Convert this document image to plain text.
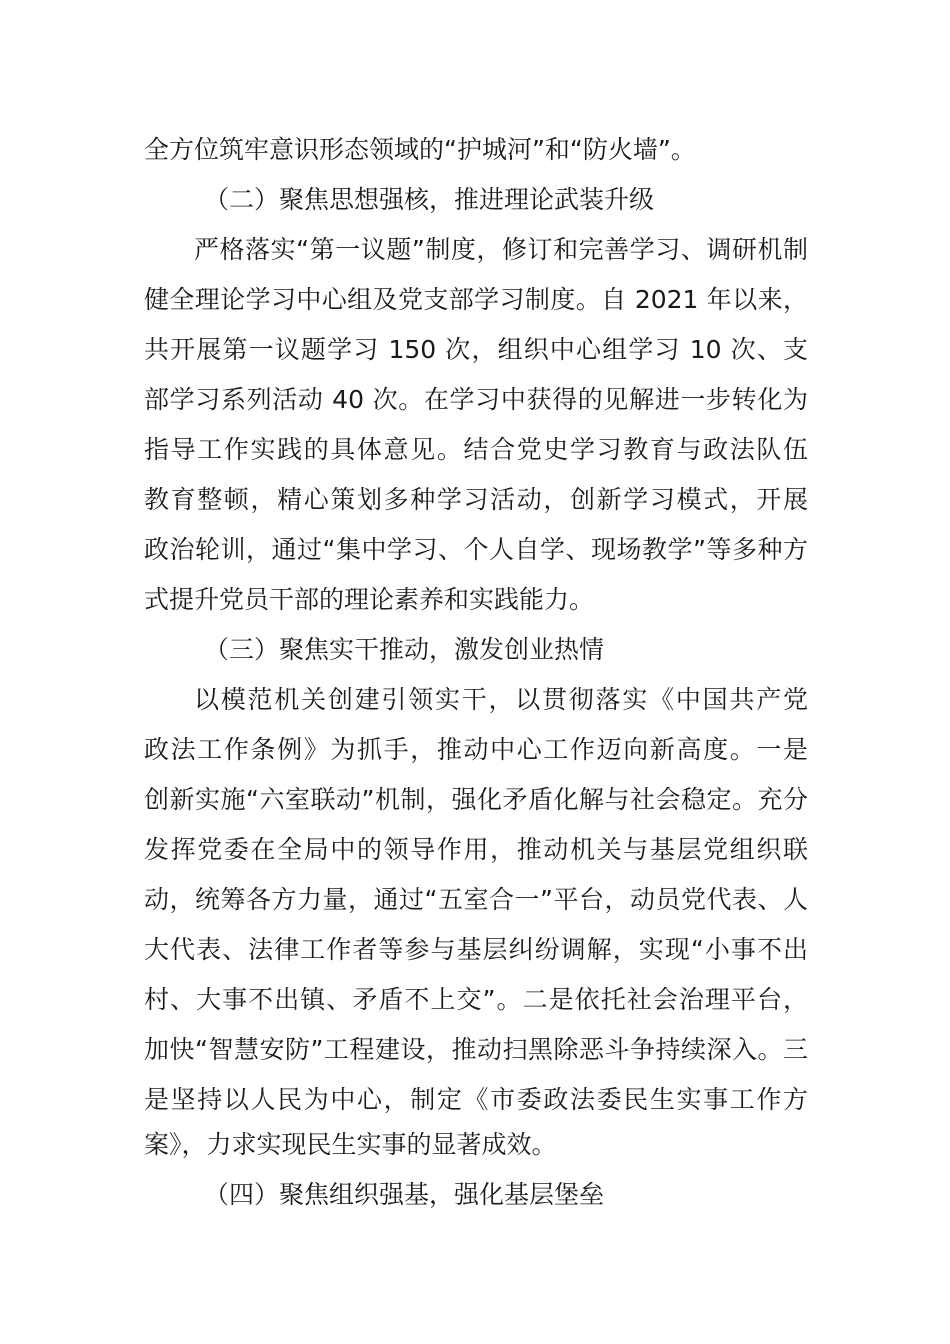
全方位筑牢意识形态领域的“护城河”和“防火墙”。
（二）聚焦思想强核，推进理论武装升级
严格落实“第一议题”制度，修订和完善学习、调研机制
健全理论学习中心组及党支部学习制度。自 2021 年以来，
共开展第一议题学习 150 次，组织中心组学习 10 次、支
部学习系列活动 40 次。在学习中获得的见解进一步转化为
指导工作实践的具体意见。结合党史学习教育与政法队伍
教育整顿，精心策划多种学习活动，创新学习模式，开展
政治轮训，通过“集中学习、个人自学、现场教学”等多种方
式提升党员干部的理论素养和实践能力。
（三）聚焦实干推动，激发创业热情
以模范机关创建引领实干，以贯彻落实《中国共产党
政法工作条例》为抓手，推动中心工作迈向新高度。一是
创新实施“六室联动”机制，强化矛盾化解与社会稳定。充分
发挥党委在全局中的领导作用，推动机关与基层党组织联
动，统筹各方力量，通过“五室合一”平台，动员党代表、人
大代表、法律工作者等参与基层纠纷调解，实现“小事不出
村、大事不出镇、矛盾不上交”。二是依托社会治理平台，
加快“智慧安防”工程建设，推动扫黑除恶斗争持续深入。三
是坚持以人民为中心，制定《市委政法委民生实事工作方
案》，力求实现民生实事的显著成效。
（四）聚焦组织强基，强化基层堡垒
